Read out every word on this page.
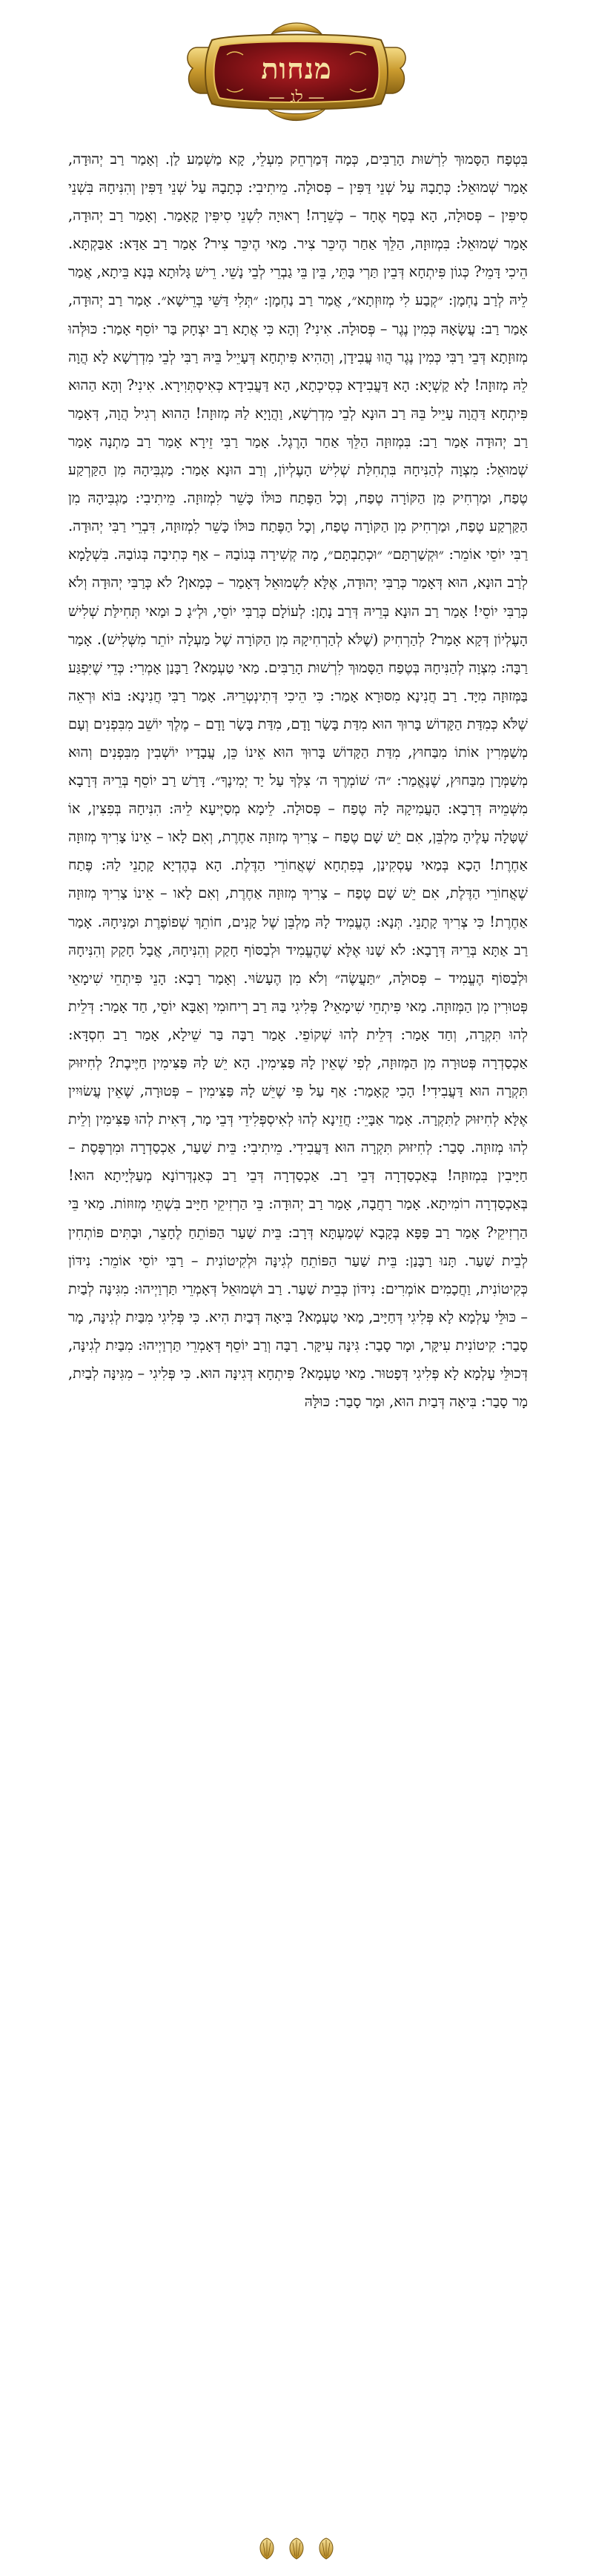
מנחות
— לג —

בִּטְפָח הַסָּמוּךְ לִרְשׁוּת הָרַבִּים, כְּמָה דְּמַרְחֵק מִעְלֵי, קָא מַשְׁמַע לַן. וְאָמַר רַב יְהוּדָה, אָמַר שְׁמוּאֵל: כְּתָבָהּ עַל שְׁנֵי דַּפִּין – פְּסוּלָה. מֵיתִיבִי: כְּתָבָהּ עַל שְׁנֵי דַּפִּין וְהִנִּיחָהּ בִּשְׁנֵי סִיפִּין – פְּסוּלָה, הָא בְּסַף אֶחָד – כְּשֵׁרָה! רְאוּיָה לִשְׁנֵי סִיפִּין קָאָמַר. וְאָמַר רַב יְהוּדָה, אָמַר שְׁמוּאֵל: בִּמְזוּזָה, הַלֵּךְ אַחַר הֶיכֵּר צִיר. מַאי הֶיכֵּר צִיר? אָמַר רַב אַדָּא: אַבַּקְתָּא. הֵיכִי דָּמֵי? כְּגוֹן פִּיתְחָא דְּבֵין תַּרְי בָּתֵּי, בֵּין בֵּי גַבְרֵי לְבֵי נָשֵׁי. רֵישׁ גָּלוּתָא בְּנָא בֵּיתָא, אֲמַר לֵיהּ לְרַב נַחְמָן: ״קְבַע לִי מְזוּזְתָא״, אֲמַר רַב נַחְמָן: ״תְּלִי דַּשֵּׁי בְּרֵישָׁא״. אָמַר רַב יְהוּדָה, אָמַר רַב: עֲשָׂאָהּ כְּמִין נֶגֶר – פְּסוּלָה. אִינִי? וְהָא כִּי אֲתָא רַב יִצְחָק בַּר יוֹסֵף אָמַר: כּוּלְּהוּ מְזוּזָתָא דְּבֵי רַבִּי כְּמִין נֶגֶר הֲווּ עֲבִידָן, וְהַהִיא פִּיתְחָא דְּעָיֵיל בֵּיהּ רַבִּי לְבֵי מִדְרְשָׁא לָא הֲוָה לֵהּ מְזוּזָה! לָא קַשְׁיָא: הָא דַּעֲבִידָא כְּסִיכְתָא, הָא דַּעֲבִידָא כְּאִיסְתְּוִירָא. אִינִי? וְהָא הַהוּא פִּיתְחָא דַּהֲוָה עָיֵיל בֵּהּ רַב הוּנָא לְבֵי מִדְרְשָׁא, וַהֲוָיָא לַהּ מְזוּזָה! הַהוּא רְגִיל הֲוָה, דְּאָמַר רַב יְהוּדָה אָמַר רַב: בִּמְזוּזָה הַלֵּךְ אַחַר הָרֶגֶל. אָמַר רַבִּי זֵירָא אָמַר רַב מַתְנָה אָמַר שְׁמוּאֵל: מִצְוָה לְהַנִּיחָהּ בִּתְחִלַּת שְׁלִישׁ הָעֶלְיוֹן, וְרַב הוּנָא אָמַר: מַגְבִּיהָהּ מִן הַקַּרְקַע טֶפַח, וּמַרְחִיק מִן הַקּוֹרָה טֶפַח, וְכָל הַפֶּתַח כּוּלּוֹ כָּשֵׁר לִמְזוּזָה. מֵיתִיבִי: מַגְבִּיהָהּ מִן הַקַּרְקַע טֶפַח, וּמַרְחִיק מִן הַקּוֹרָה טֶפַח, וְכָל הַפֶּתַח כּוּלּוֹ כָּשֵׁר לִמְזוּזָה, דִּבְרֵי רַבִּי יְהוּדָה. רַבִּי יוֹסֵי אוֹמֵר: ״וּקְשַׁרְתָּם״ ״וּכְתַבְתָּם״, מָה קְשִׁירָה בְּגוֹבַהּ – אַף כְּתִיבָה בְּגוֹבַהּ. בִּשְׁלָמָא לְרַב הוּנָא, הוּא דְּאָמַר כְּרַבִּי יְהוּדָה, אֶלָּא לִשְׁמוּאֵל דְּאָמַר – כְּמַאן? לֹא כְּרַבִּי יְהוּדָה וְלֹא כְּרַבִּי יוֹסֵי! אָמַר רַב הוּנָא בְּרֵיהּ דְּרַב נָתָן: לְעוֹלָם כְּרַבִּי יוֹסֵי, וּלְ״גָ כ וּמַאי תְּחִילַּת שְׁלִישׁ הָעֶלְיוֹן דְּקָא אָמַר? לְהַרְחִיק (שֶׁלֹּא לְהַרְחִיקָהּ מִן הַקּוֹרָה שֶׁל מַעְלָה יוֹתֵר מִשְּׁלִישׁ). אָמַר רַבָּה: מִצְוָה לְהַנִּיחָהּ בְּטֶפַח הַסָּמוּךְ לִרְשׁוּת הָרַבִּים. מַאי טַעְמָא? רַבָּנַן אָמְרִי: כְּדֵי שֶׁיִּפְגַּע בַּמְּזוּזָה מִיָּד. רַב חֲנִינָא מִסּוּרָא אָמַר: כִּי הֵיכִי דְּתִינְטְרֵיהּ. אָמַר רַבִּי חֲנִינָא: בּוֹא וּרְאֵה שֶׁלֹּא כְּמִדַּת הַקָּדוֹשׁ בָּרוּךְ הוּא מִדַּת בָּשָׂר וָדָם, מִדַּת בָּשָׂר וָדָם – מֶלֶךְ יוֹשֵׁב מִבִּפְנִים וְעָם מְשַׁמְּרִין אוֹתוֹ מִבַּחוּץ, מִדַּת הַקָּדוֹשׁ בָּרוּךְ הוּא אֵינוֹ כֵּן, עֲבָדָיו יוֹשְׁבִין מִבִּפְנִים וְהוּא מְשַׁמְּרָן מִבַּחוּץ, שֶׁנֶּאֱמַר: ״ה׳ שׁוֹמְרֶךָ ה׳ צִלְּךָ עַל יַד יְמִינֶךָ״. דָּרַשׁ רַב יוֹסֵף בְּרֵיהּ דְּרָבָא מִשְּׁמֵיהּ דְּרָבָא: הָעֲמִיקָהּ לָהּ טֶפַח – פְּסוּלָה. לֵימָא מְסַיְּיעָא לֵיהּ: הִנִּיחָהּ בְּפִצִּין, אוֹ שֶׁטָּלָה עָלֶיהָ מַלְבֵּן, אִם יֵשׁ שָׁם טֶפַח – צָרִיךְ מְזוּזָה אַחֶרֶת, וְאִם לָאו – אֵינוֹ צָרִיךְ מְזוּזָה אַחֶרֶת! הָכָא בְּמַאי עָסְקִינַן, בְּפִתְחָא שֶׁאֲחוֹרֵי הַדֶּלֶת. הָא בְּהֶדְיָא קָתָנֵי לַהּ: פֶּתַח שֶׁאֲחוֹרֵי הַדֶּלֶת, אִם יֵשׁ שָׁם טֶפַח – צָרִיךְ מְזוּזָה אַחֶרֶת, וְאִם לָאו – אֵינוֹ צָרִיךְ מְזוּזָה אַחֶרֶת! כִּי צְרִיךְ קָתָנֵי. תְּנָא: הֶעֱמִיד לָהּ מַלְבֵּן שֶׁל קָנִים, חוֹתֵךְ שְׁפוֹפֶרֶת וּמַנִּיחָהּ. אָמַר רַב אַתָּא בְּרֵיהּ דְּרָבָא: לֹא שָׁנוּ אֶלָּא שֶׁהֶעֱמִיד וּלְבַסּוֹף חָקַק וְהִנִּיחָהּ, אֲבָל חָקַק וְהִנִּיחָהּ וּלְבַסּוֹף הֶעֱמִיד – פְּסוּלָה, ״תַּעֲשֶׂה״ וְלֹא מִן הֶעָשׂוּי. וְאָמַר רָבָא: הָנֵי פִּיתְחֵי שִׁימָאֵי פְּטוּרִין מִן הַמְּזוּזָה. מַאי פִּיתְחֵי שִׁימָאֵי? פְּלִיגִי בַּהּ רַב רְיחוּמִי וְאַבָּא יוֹסֵי, חַד אָמַר: דְּלֵית לְהוּ תִּקְרָה, וְחַד אָמַר: דְּלֵית לְהוּ שְׁקוֹפֵי. אָמַר רַבָּה בַּר שֵׁילָא, אָמַר רַב חִסְדָּא: אַכְסַדְרָה פְּטוּרָה מִן הַמְּזוּזָה, לְפִי שֶׁאֵין לָהּ פַּצִּימִין. הָא יֵשׁ לָהּ פַּצִּימִין חַיֶּיבֶת? לְחִיזּוּק תִּקְרָה הוּא דַּעֲבִידִי! הָכִי קָאָמַר: אַף עַל פִּי שֶׁיֵּשׁ לָהּ פַּצִּימִין – פְּטוּרָה, שֶׁאֵין עֲשׂוּיִין אֶלָּא לְחִיזּוּק לַתִּקְרָה. אָמַר אַבָּיֵי: חֲזֵינָא לְהוּ לְאִיסְפְּלִידֵי דְּבֵי מָר, דְּאִית לְהוּ פַּצִּימִין וְלֵית לְהוּ מְזוּזָה. סָבַר: לְחִיזּוּק תִּקְרָה הוּא דַּעֲבִידִי. מֵיתִיבִי: בֵּית שַׁעַר, אַכְסַדְרָה וּמִרְפֶּסֶת – חַיָּיבִין בִּמְזוּזָה! בְּאַכְסַדְרָה דְּבֵי רַב. אַכְסַדְרָה דְּבֵי רַב כְּאַנְדְּרוֹנָא מְעַלְּיָיתָא הוּא! בְּאַכְסַדְרָה רוֹמִיתָא. אָמַר רַחֲבָה, אָמַר רַב יְהוּדָה: בֵּי הַרְזִיקֵי חַיָּיב בִּשְׁתֵּי מְזוּזוֹת. מַאי בֵּי הַרְזִיקֵי? אָמַר רַב פַּפָּא בְּקָבָא שְׁמַעְתָּא דְּרָב: בֵּית שַׁעַר הַפּוֹתֵחַ לֶחָצֵר, וּבָתִּים פּוֹתְחִין לְבֵית שַׁעַר. תָּנוּ רַבָּנַן: בֵּית שַׁעַר הַפּוֹתֵחַ לְגִינָּה וּלְקִיטוֹנִית – רַבִּי יוֹסֵי אוֹמֵר: נִידּוֹן כְּקִיטוֹנִית, וַחֲכָמִים אוֹמְרִים: נִידּוֹן כְּבֵית שַׁעַר. רַב וּשְׁמוּאֵל דְּאָמְרֵי תַּרְוַיְיהוּ: מִגִּינָּה לְבַיִת – כּוּלֵּי עָלְמָא לָא פְּלִיגִי דְּחַיָּיב, מַאי טַעְמָא? בִּיאָה דְּבַיִת הִיא. כִּי פְּלִיגִי מִבַּיִת לְגִינָּה, מָר סָבַר: קִיטוֹנִית עִיקָּר, וּמָר סָבַר: גִּינָּה עִיקָּר. רַבָּה וְרַב יוֹסֵף דְּאָמְרֵי תַּרְוַיְיהוּ: מִבַּיִת לְגִינָּה, דְּכוּלֵּי עָלְמָא לָא פְּלִיגִי דְּפָטוּר. מַאי טַעְמָא? פִּיתְחָא דְּגִינָּה הוּא. כִּי פְּלִיגִי – מִגִּינָּה לְבַיִת, מָר סָבַר: בִּיאָה דְּבַיִת הוּא, וּמָר סָבַר: כּוּלָּהּ
